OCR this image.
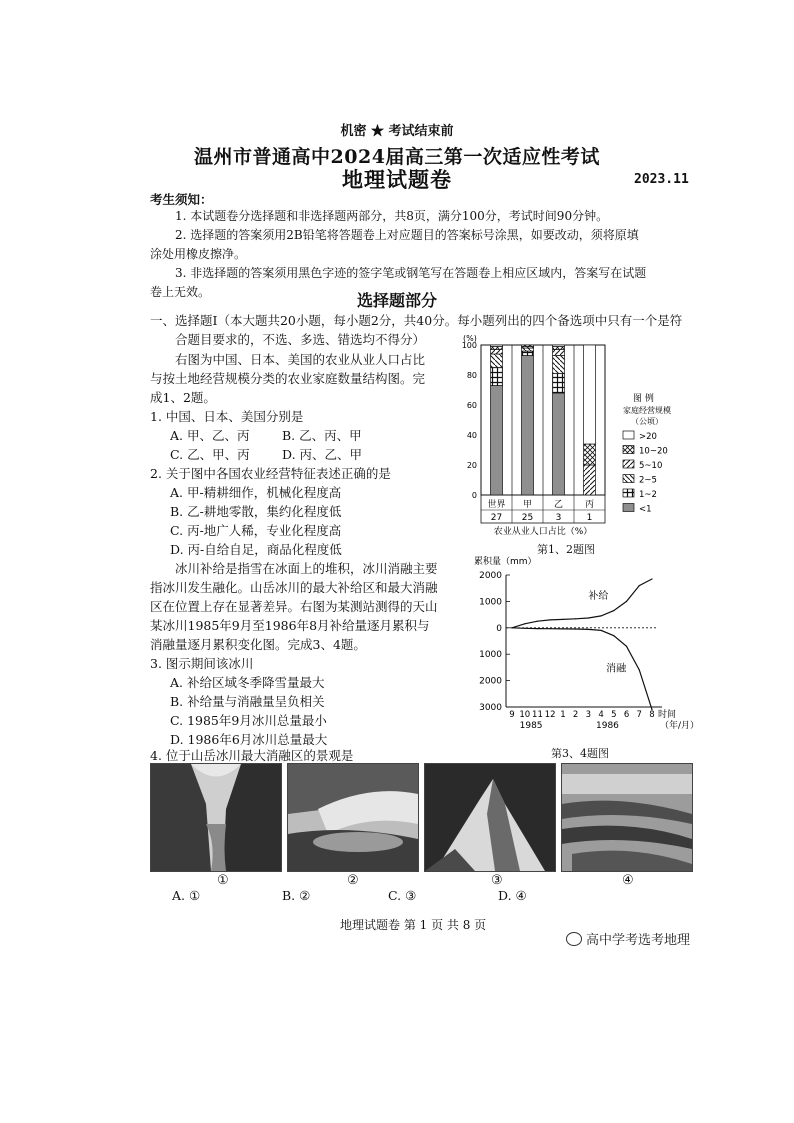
机密 ★ 考试结束前
温州市普通高中2024届高三第一次适应性考试
地理试题卷	2023.11
考生须知：
1. 本试题卷分选择题和非选择题两部分，共8页，满分100分，考试时间90分钟。
2. 选择题的答案须用2B铅笔将答题卷上对应题目的答案标号涂黑，如要改动，须将原填
涂处用橡皮擦净。
3. 非选择题的答案须用黑色字迹的签字笔或钢笔写在答题卷上相应区域内，答案写在试题
卷上无效。	选择题部分
一、选择题Ⅰ（本大题共20小题，每小题2分，共40分。每小题列出的四个备选项中只有一个是符
合题目要求的，不选、多选、错选均不得分）
右图为中国、日本、美国的农业从业人口占比
与按土地经营规模分类的农业家庭数量结构图。完
成1、2题。
1. 中国、日本、美国分别是
A. 甲、乙、丙	B. 乙、丙、甲
C. 乙、甲、丙	D. 丙、乙、甲
2. 关于图中各国农业经营特征表述正确的是
A. 甲-精耕细作，机械化程度高
B. 乙-耕地零散，集约化程度低
C. 丙-地广人稀，专业化程度高
D. 丙-自给自足，商品化程度低
冰川补给是指雪在冰面上的堆积，冰川消融主要
指冰川发生融化。山岳冰川的最大补给区和最大消融
区在位置上存在显著差异。右图为某测站测得的天山
某冰川1985年9月至1986年8月补给量逐月累积与
消融量逐月累积变化图。完成3、4题。
3. 图示期间该冰川
A. 补给区域冬季降雪量最大
B. 补给量与消融量呈负相关
C. 1985年9月冰川总量最小
D. 1986年6月冰川总量最大
4. 位于山岳冰川最大消融区的景观是
(%)
0
20
40
60
80
100
世界
27
甲
25
乙
3
丙
1
农业从业人口占比（%）
图 例
家庭经营规模
（公顷）
>20
10~20
5~10
2~5
1~2
<1
第1、2题图
累积量（mm）
2000
1000
0
1000
2000
3000
9 10 11 12 1 2 3 4 5 6 7 8
1985	1986
时间
（年/月）
补给
消融
第3、4题图
①	②	③	④
A. ①	B. ②	C. ③	D. ④
地理试题卷 第 1 页 共 8 页
高中学考选考地理
